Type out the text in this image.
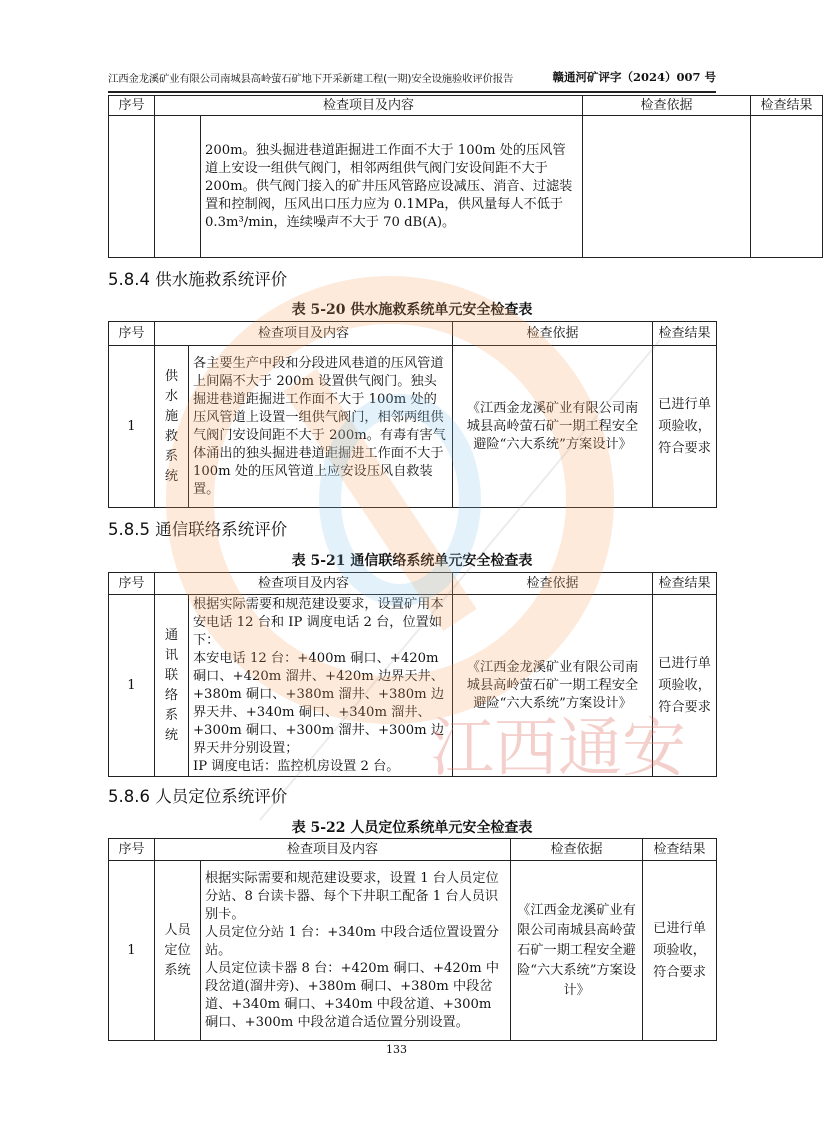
江西金龙溪矿业有限公司南城县高岭萤石矿地下开采新建工程(一期)安全设施验收评价报告	赣通河矿评字（2024）007 号
序号	检查项目及内容		检查依据	检查结果
		200m。独头掘进巷道距掘进工作面不大于 100m 处的压风管道上安设一组供气阀门，相邻两组供气阀门安设间距不大于 200m。供气阀门接入的矿井压风管路应设减压、消音、过滤装置和控制阀，压风出口压力应为 0.1MPa，供风量每人不低于 0.3m³/min，连续噪声不大于 70 dB(A)。		
5.8.4 供水施救系统评价
表 5-20 供水施救系统单元安全检查表
序号	检查项目及内容		检查依据	检查结果
1	供水施救系统	各主要生产中段和分段进风巷道的压风管道上间隔不大于 200m 设置供气阀门。独头掘进巷道距掘进工作面不大于 100m 处的压风管道上设置一组供气阀门，相邻两组供气阀门安设间距不大于 200m。有毒有害气体涌出的独头掘进巷道距掘进工作面不大于 100m 处的压风管道上应安设压风自救装置。	《江西金龙溪矿业有限公司南城县高岭萤石矿一期工程安全避险“六大系统”方案设计》	已进行单项验收，符合要求
5.8.5 通信联络系统评价
表 5-21 通信联络系统单元安全检查表
序号	检查项目及内容		检查依据	检查结果
1	通讯联络系统	根据实际需要和规范建设要求，设置矿用本安电话 12 台和 IP 调度电话 2 台，位置如下：
本安电话 12 台：+400m 硐口、+420m 硐口、+420m 溜井、+420m 边界天井、+380m 硐口、+380m 溜井、+380m 边界天井、+340m 硐口、+340m 溜井、+300m 硐口、+300m 溜井、+300m 边界天井分别设置；
IP 调度电话：监控机房设置 2 台。	《江西金龙溪矿业有限公司南城县高岭萤石矿一期工程安全避险“六大系统”方案设计》	已进行单项验收，符合要求
5.8.6 人员定位系统评价
表 5-22 人员定位系统单元安全检查表
序号	检查项目及内容		检查依据	检查结果
1	人员定位系统	根据实际需要和规范建设要求，设置 1 台人员定位分站、8 台读卡器、每个下井职工配备 1 台人员识别卡。
人员定位分站 1 台：+340m 中段合适位置设置分站。
人员定位读卡器 8 台：+420m 硐口、+420m 中段岔道(溜井旁)、+380m 硐口、+380m 中段岔道、+340m 硐口、+340m 中段岔道、+300m 硐口、+300m 中段岔道合适位置分别设置。	《江西金龙溪矿业有限公司南城县高岭萤石矿一期工程安全避险“六大系统”方案设计》	已进行单项验收，符合要求
江西通安
133
